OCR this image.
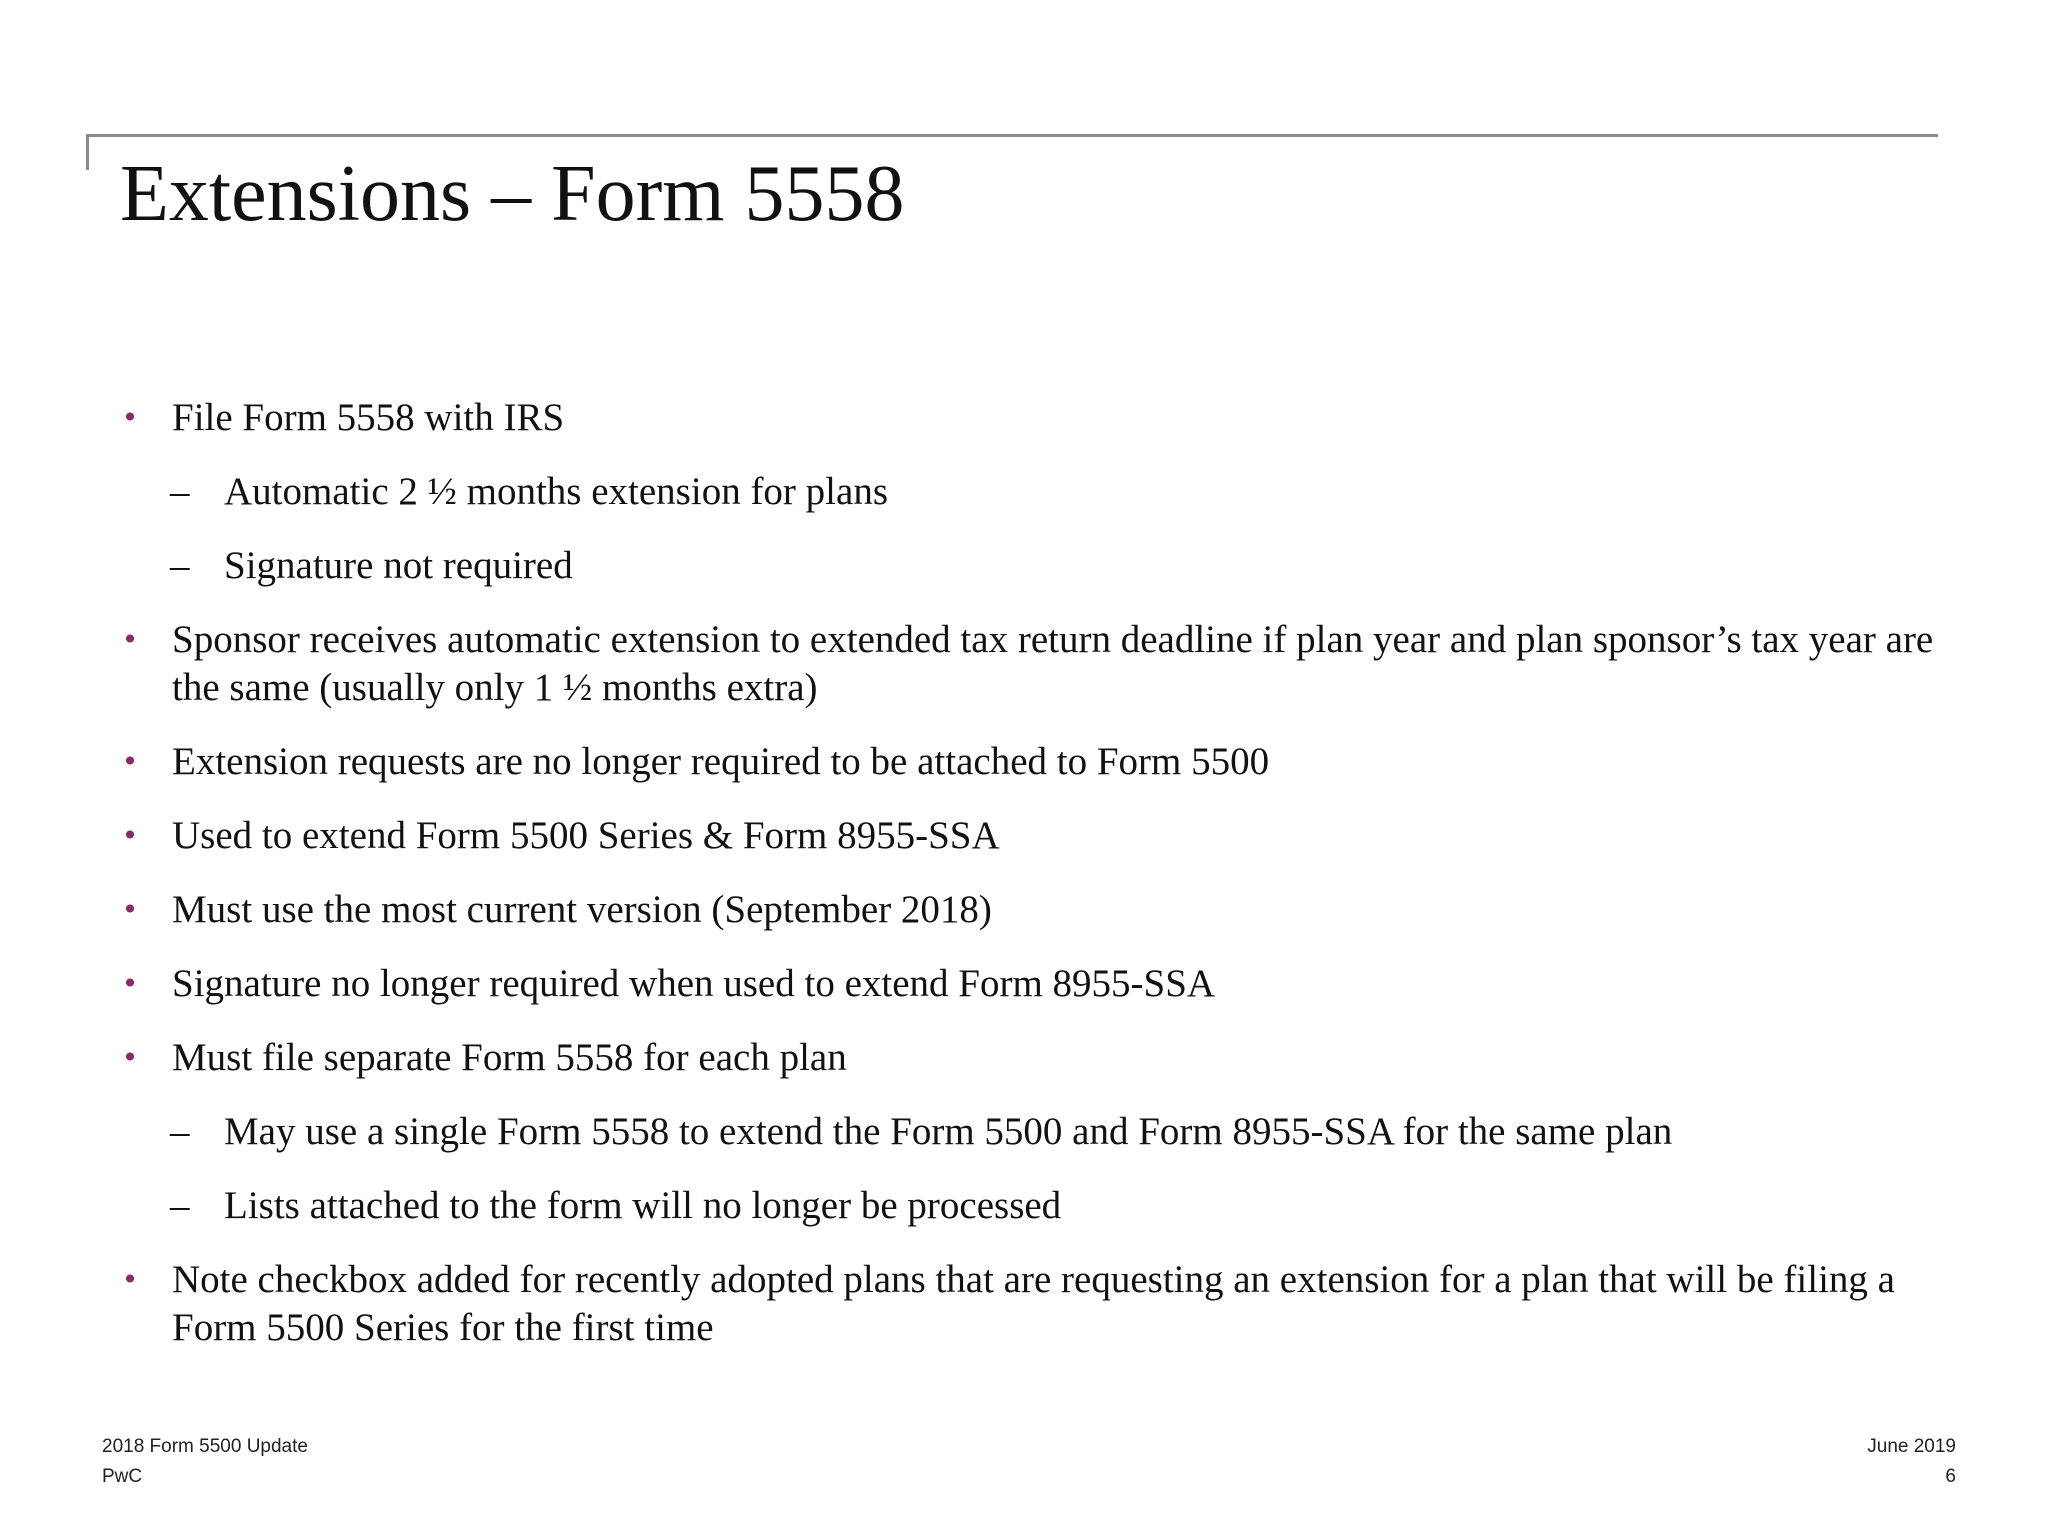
Extensions – Form 5558
• File Form 5558 with IRS
– Automatic 2 ½ months extension for plans
– Signature not required
• Sponsor receives automatic extension to extended tax return deadline if plan year and plan sponsor’s tax year are the same (usually only 1 ½ months extra)
• Extension requests are no longer required to be attached to Form 5500
• Used to extend Form 5500 Series & Form 8955-SSA
• Must use the most current version (September 2018)
• Signature no longer required when used to extend Form 8955-SSA
• Must file separate Form 5558 for each plan
– May use a single Form 5558 to extend the Form 5500 and Form 8955-SSA for the same plan
– Lists attached to the form will no longer be processed
• Note checkbox added for recently adopted plans that are requesting an extension for a plan that will be filing a Form 5500 Series for the first time
2018 Form 5500 Update
PwC
June 2019
6
